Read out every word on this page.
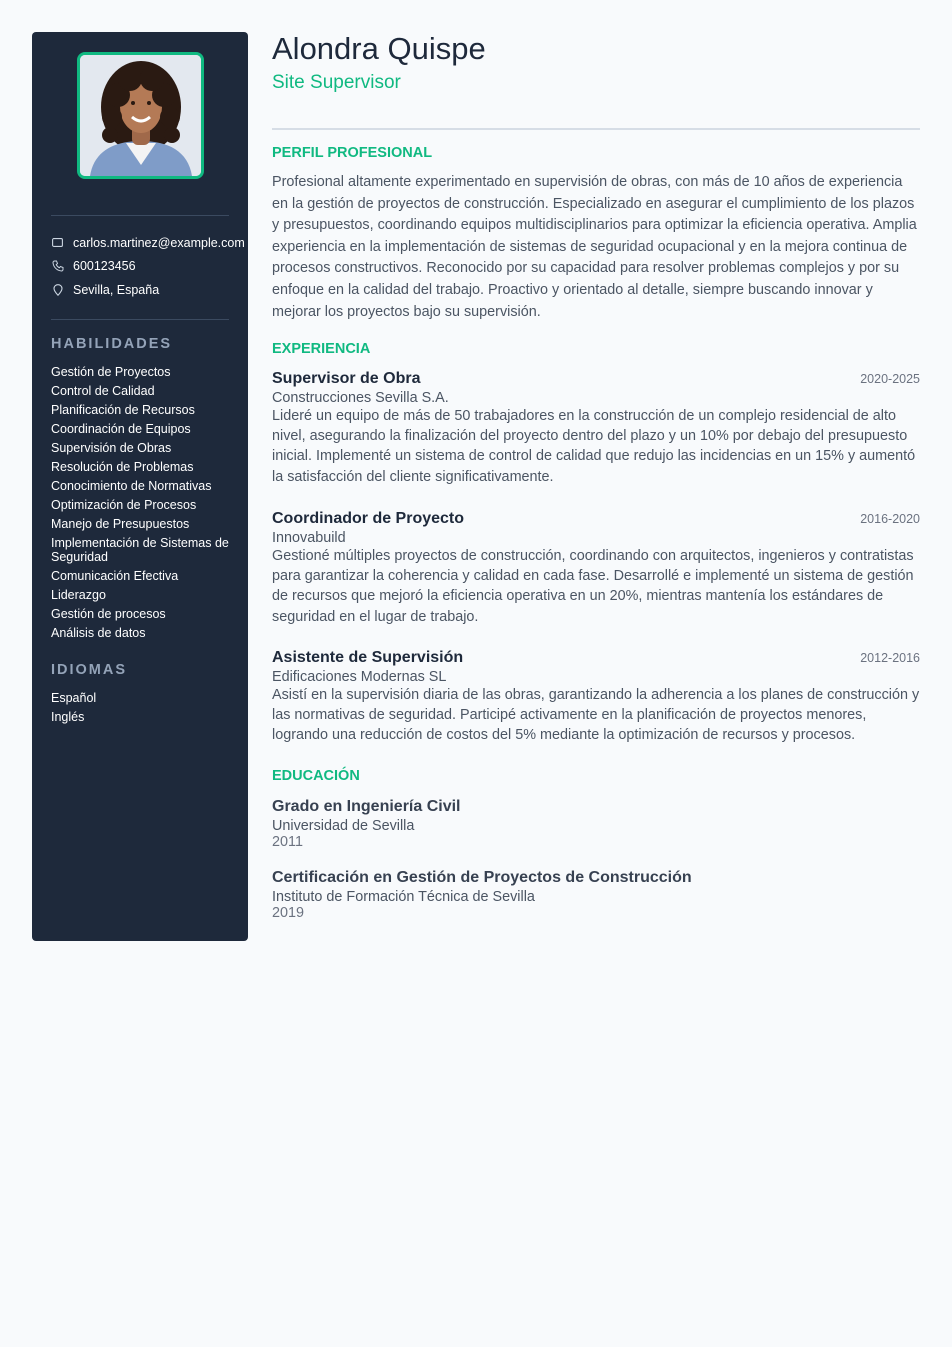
carlos.martinez@example.com
600123456
Sevilla, España
HABILIDADES
Gestión de Proyectos
Control de Calidad
Planificación de Recursos
Coordinación de Equipos
Supervisión de Obras
Resolución de Problemas
Conocimiento de Normativas
Optimización de Procesos
Manejo de Presupuestos
Implementación de Sistemas de Seguridad
Comunicación Efectiva
Liderazgo
Gestión de procesos
Análisis de datos
IDIOMAS
Español
Inglés
Alondra Quispe
Site Supervisor
PERFIL PROFESIONAL
Profesional altamente experimentado en supervisión de obras, con más de 10 años de experiencia en la gestión de proyectos de construcción. Especializado en asegurar el cumplimiento de los plazos y presupuestos, coordinando equipos multidisciplinarios para optimizar la eficiencia operativa. Amplia experiencia en la implementación de sistemas de seguridad ocupacional y en la mejora continua de procesos constructivos. Reconocido por su capacidad para resolver problemas complejos y por su enfoque en la calidad del trabajo. Proactivo y orientado al detalle, siempre buscando innovar y mejorar los proyectos bajo su supervisión.
EXPERIENCIA
Supervisor de Obra	2020-2025
Construcciones Sevilla S.A.
Lideré un equipo de más de 50 trabajadores en la construcción de un complejo residencial de alto nivel, asegurando la finalización del proyecto dentro del plazo y un 10% por debajo del presupuesto inicial. Implementé un sistema de control de calidad que redujo las incidencias en un 15% y aumentó la satisfacción del cliente significativamente.
Coordinador de Proyecto	2016-2020
Innovabuild
Gestioné múltiples proyectos de construcción, coordinando con arquitectos, ingenieros y contratistas para garantizar la coherencia y calidad en cada fase. Desarrollé e implementé un sistema de gestión de recursos que mejoró la eficiencia operativa en un 20%, mientras mantenía los estándares de seguridad en el lugar de trabajo.
Asistente de Supervisión	2012-2016
Edificaciones Modernas SL
Asistí en la supervisión diaria de las obras, garantizando la adherencia a los planes de construcción y las normativas de seguridad. Participé activamente en la planificación de proyectos menores, logrando una reducción de costos del 5% mediante la optimización de recursos y procesos.
EDUCACIÓN
Grado en Ingeniería Civil
Universidad de Sevilla
2011
Certificación en Gestión de Proyectos de Construcción
Instituto de Formación Técnica de Sevilla
2019
